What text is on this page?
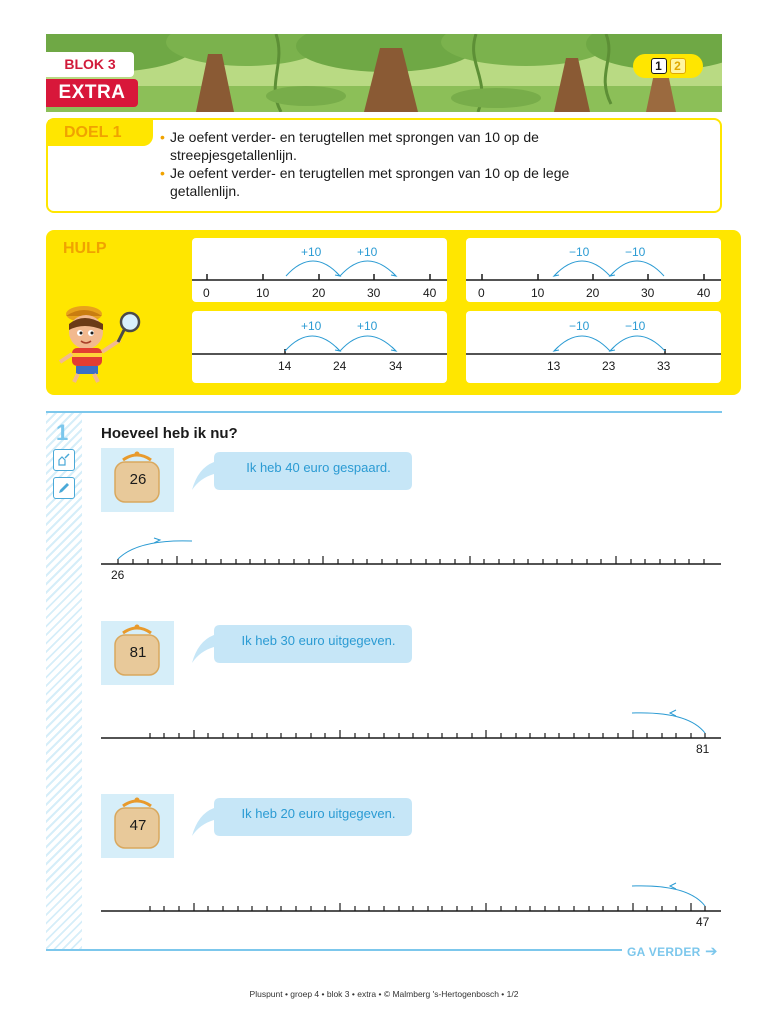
BLOK 3
EXTRA
1	2
DOEL 1	• Je oefent verder- en terugtellen met sprongen van 10 op de
streepjesgetallenlijn.
• Je oefent verder- en terugtellen met sprongen van 10 op de lege
getallenlijn.
HULP	+10	+10
0	10	20	30	40
−10	−10
0	10	20	30	40
+10	+10
14	24	34
−10	−10
13	23	33
1 Hoeveel heb ik nu?
26
Ik heb 40 euro gespaard.
26
81
Ik heb 30 euro uitgegeven.
81
47
Ik heb 20 euro uitgegeven.
47
GA VERDER ➔
Pluspunt • groep 4 • blok 3 • extra • © Malmberg 's-Hertogenbosch • 1/2
